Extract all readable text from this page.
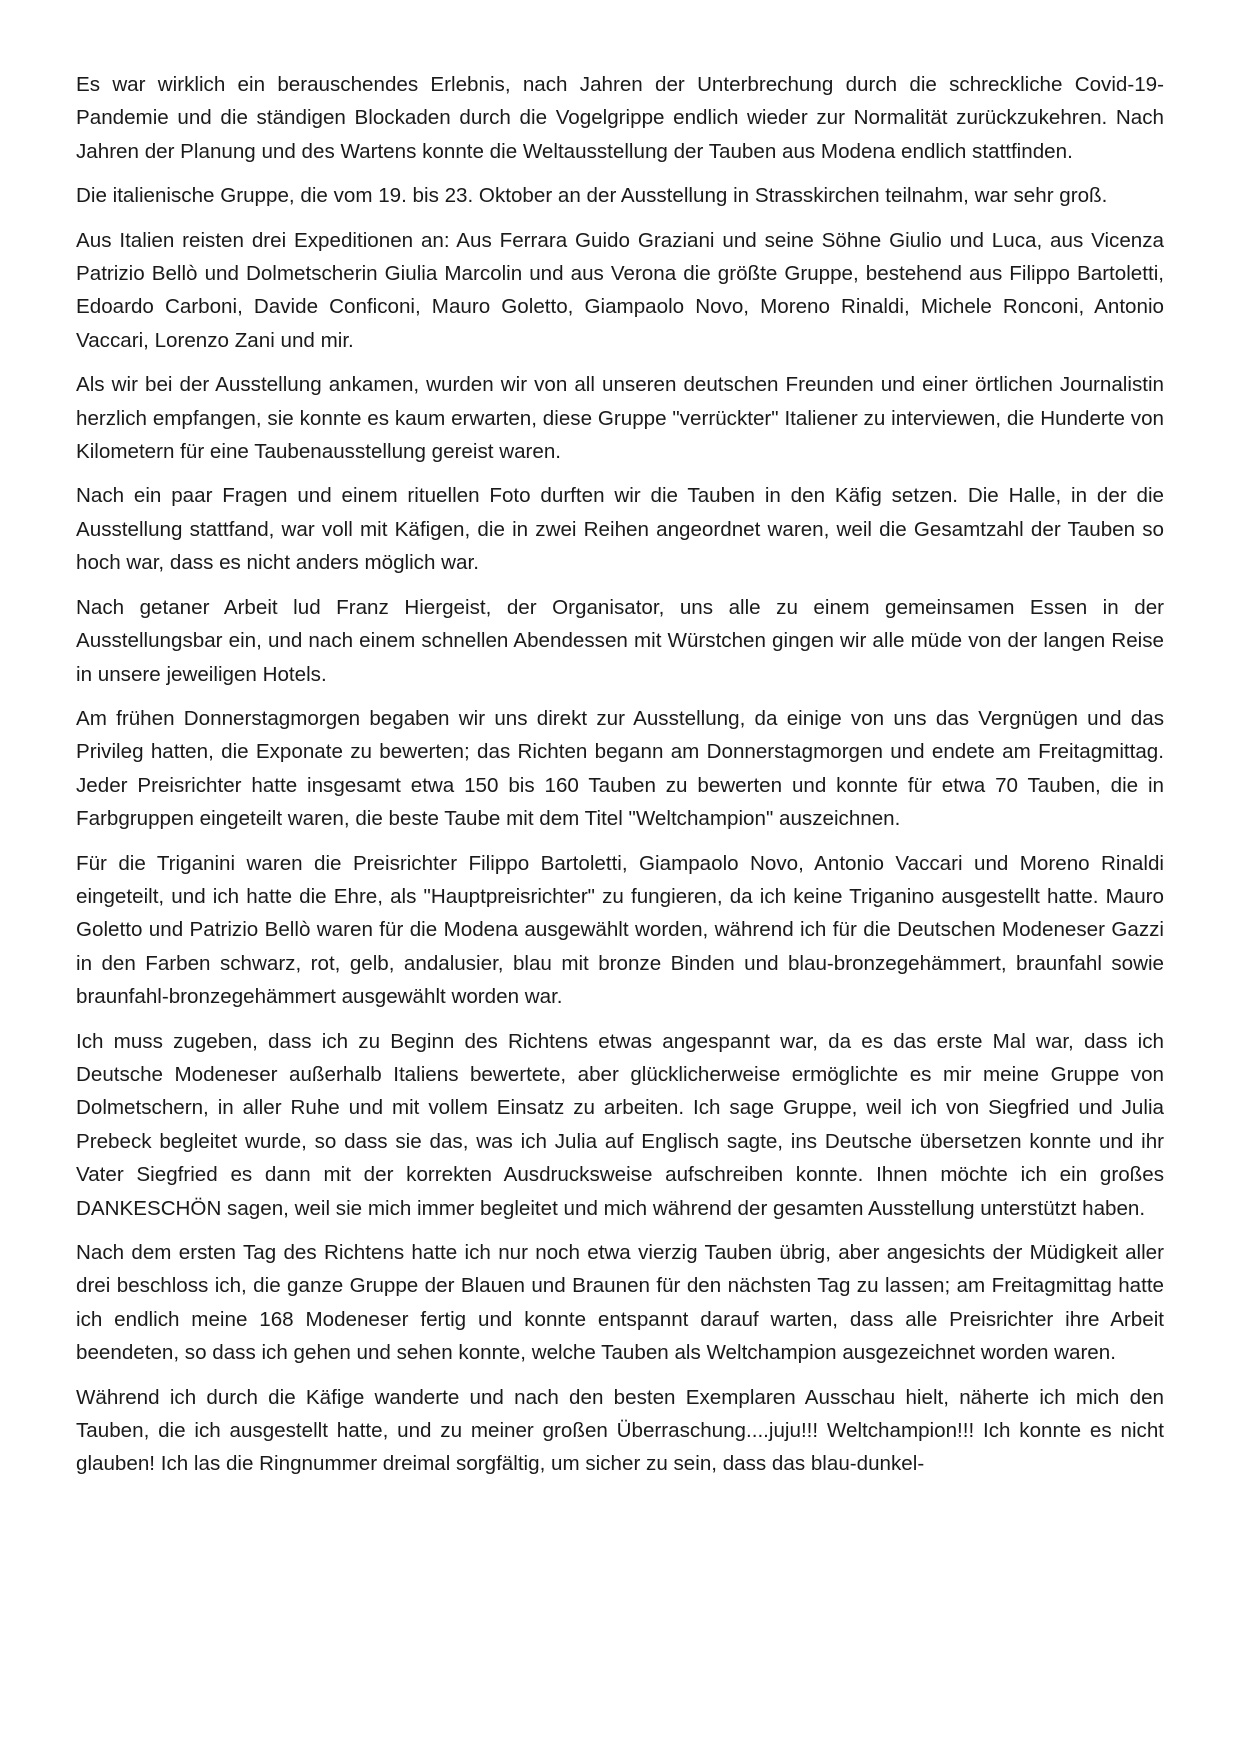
Es war wirklich ein berauschendes Erlebnis, nach Jahren der Unterbrechung durch die schreckliche Covid-19-Pandemie und die ständigen Blockaden durch die Vogelgrippe endlich wieder zur Normalität zurückzukehren. Nach Jahren der Planung und des Wartens konnte die Weltausstellung der Tauben aus Modena endlich stattfinden.

Die italienische Gruppe, die vom 19. bis 23. Oktober an der Ausstellung in Strasskirchen teilnahm, war sehr groß.

Aus Italien reisten drei Expeditionen an: Aus Ferrara Guido Graziani und seine Söhne Giulio und Luca, aus Vicenza Patrizio Bellò und Dolmetscherin Giulia Marcolin und aus Verona die größte Gruppe, bestehend aus Filippo Bartoletti, Edoardo Carboni, Davide Conficoni, Mauro Goletto, Giampaolo Novo, Moreno Rinaldi, Michele Ronconi, Antonio Vaccari, Lorenzo Zani und mir.

Als wir bei der Ausstellung ankamen, wurden wir von all unseren deutschen Freunden und einer örtlichen Journalistin herzlich empfangen, sie konnte es kaum erwarten, diese Gruppe "verrückter" Italiener zu interviewen, die Hunderte von Kilometern für eine Taubenausstellung gereist waren.

Nach ein paar Fragen und einem rituellen Foto durften wir die Tauben in den Käfig setzen. Die Halle, in der die Ausstellung stattfand, war voll mit Käfigen, die in zwei Reihen angeordnet waren, weil die Gesamtzahl der Tauben so hoch war, dass es nicht anders möglich war.

Nach getaner Arbeit lud Franz Hiergeist, der Organisator, uns alle zu einem gemeinsamen Essen in der Ausstellungsbar ein, und nach einem schnellen Abendessen mit Würstchen gingen wir alle müde von der langen Reise in unsere jeweiligen Hotels.

Am frühen Donnerstagmorgen begaben wir uns direkt zur Ausstellung, da einige von uns das Vergnügen und das Privileg hatten, die Exponate zu bewerten; das Richten begann am Donnerstagmorgen und endete am Freitagmittag. Jeder Preisrichter hatte insgesamt etwa 150 bis 160 Tauben zu bewerten und konnte für etwa 70 Tauben, die in Farbgruppen eingeteilt waren, die beste Taube mit dem Titel "Weltchampion" auszeichnen.

Für die Triganini waren die Preisrichter Filippo Bartoletti, Giampaolo Novo, Antonio Vaccari und Moreno Rinaldi eingeteilt, und ich hatte die Ehre, als "Hauptpreisrichter" zu fungieren, da ich keine Triganino ausgestellt hatte. Mauro Goletto und Patrizio Bellò waren für die Modena ausgewählt worden, während ich für die Deutschen Modeneser Gazzi in den Farben schwarz, rot, gelb, andalusier, blau mit bronze Binden und blau-bronzegehämmert, braunfahl sowie braunfahl-bronzegehämmert ausgewählt worden war.

Ich muss zugeben, dass ich zu Beginn des Richtens etwas angespannt war, da es das erste Mal war, dass ich Deutsche Modeneser außerhalb Italiens bewertete, aber glücklicherweise ermöglichte es mir meine Gruppe von Dolmetschern, in aller Ruhe und mit vollem Einsatz zu arbeiten. Ich sage Gruppe, weil ich von Siegfried und Julia Prebeck begleitet wurde, so dass sie das, was ich Julia auf Englisch sagte, ins Deutsche übersetzen konnte und ihr Vater Siegfried es dann mit der korrekten Ausdrucksweise aufschreiben konnte. Ihnen möchte ich ein großes DANKESCHÖN sagen, weil sie mich immer begleitet und mich während der gesamten Ausstellung unterstützt haben.

Nach dem ersten Tag des Richtens hatte ich nur noch etwa vierzig Tauben übrig, aber angesichts der Müdigkeit aller drei beschloss ich, die ganze Gruppe der Blauen und Braunen für den nächsten Tag zu lassen; am Freitagmittag hatte ich endlich meine 168 Modeneser fertig und konnte entspannt darauf warten, dass alle Preisrichter ihre Arbeit beendeten, so dass ich gehen und sehen konnte, welche Tauben als Weltchampion ausgezeichnet worden waren.

Während ich durch die Käfige wanderte und nach den besten Exemplaren Ausschau hielt, näherte ich mich den Tauben, die ich ausgestellt hatte, und zu meiner großen Überraschung....juju!!! Weltchampion!!! Ich konnte es nicht glauben! Ich las die Ringnummer dreimal sorgfältig, um sicher zu sein, dass das blau-dunkel-
